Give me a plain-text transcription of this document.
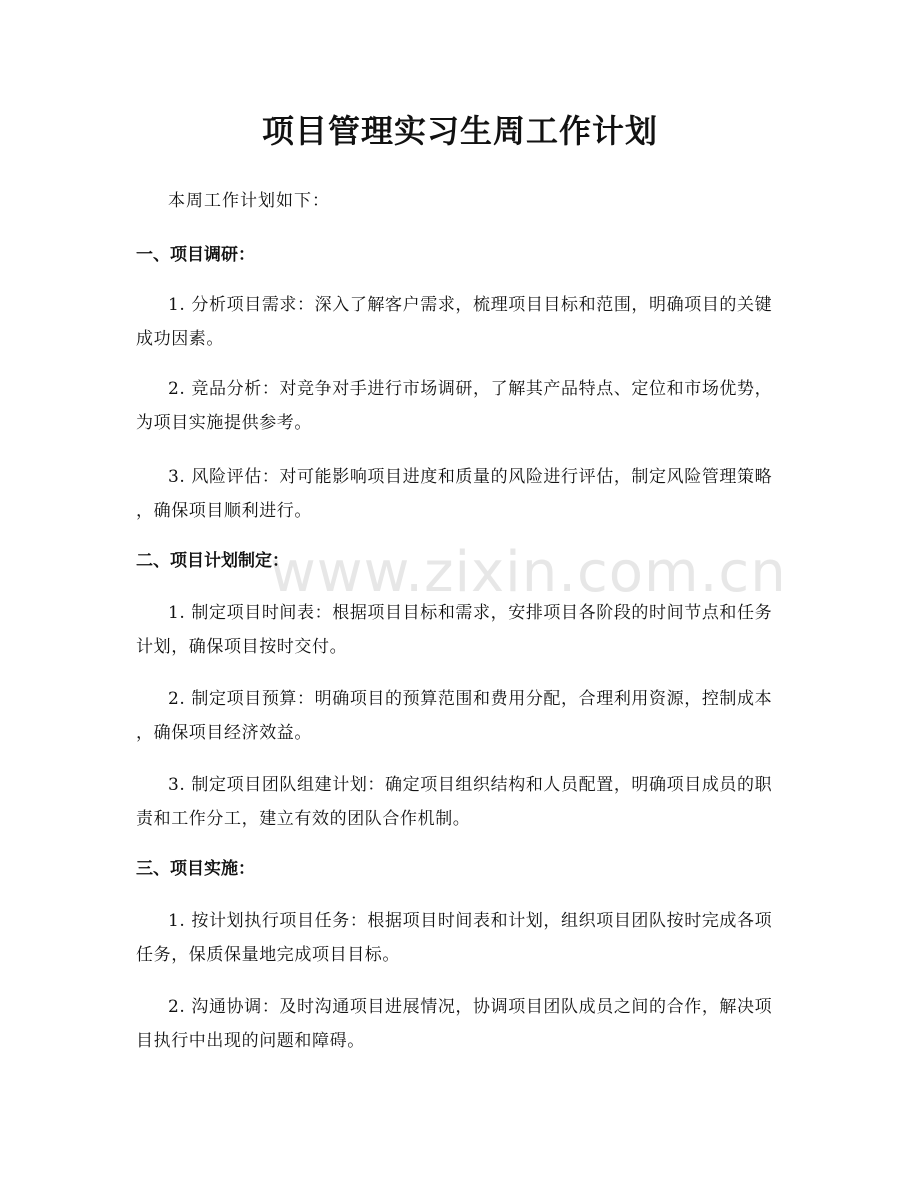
www.zixin.com.cn
项目管理实习生周工作计划
本周工作计划如下：
一、项目调研：
1. 分析项目需求：深入了解客户需求，梳理项目目标和范围，明确项目的关键
成功因素。
2. 竞品分析：对竞争对手进行市场调研，了解其产品特点、定位和市场优势，
为项目实施提供参考。
3. 风险评估：对可能影响项目进度和质量的风险进行评估，制定风险管理策略
，确保项目顺利进行。
二、项目计划制定：
1. 制定项目时间表：根据项目目标和需求，安排项目各阶段的时间节点和任务
计划，确保项目按时交付。
2. 制定项目预算：明确项目的预算范围和费用分配，合理利用资源，控制成本
，确保项目经济效益。
3. 制定项目团队组建计划：确定项目组织结构和人员配置，明确项目成员的职
责和工作分工，建立有效的团队合作机制。
三、项目实施：
1. 按计划执行项目任务：根据项目时间表和计划，组织项目团队按时完成各项
任务，保质保量地完成项目目标。
2. 沟通协调：及时沟通项目进展情况，协调项目团队成员之间的合作，解决项
目执行中出现的问题和障碍。
